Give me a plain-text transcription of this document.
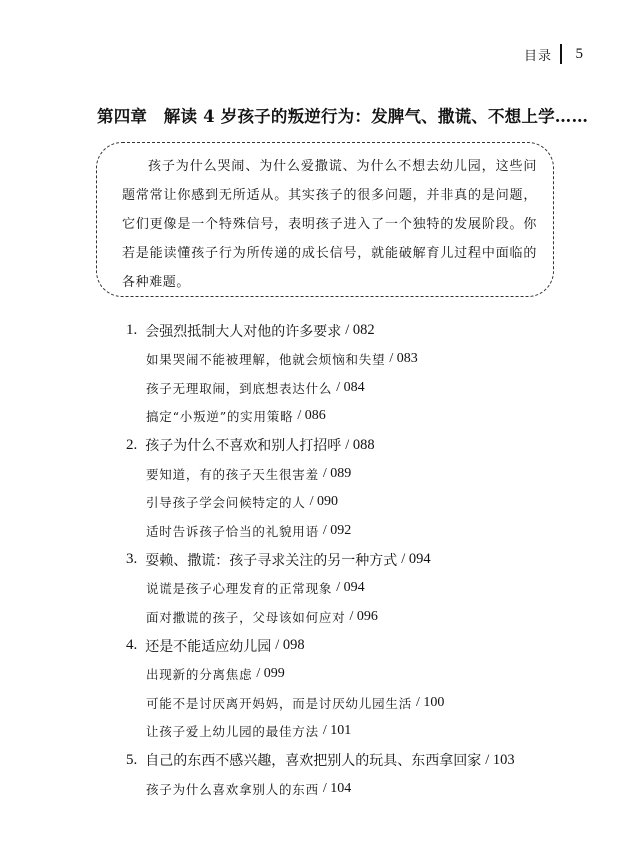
目录 5
第四章　解读 4 岁孩子的叛逆行为：发脾气、撒谎、不想上学……

孩子为什么哭闹、为什么爱撒谎、为什么不想去幼儿园，这些问题常常让你感到无所适从。其实孩子的很多问题，并非真的是问题，它们更像是一个特殊信号，表明孩子进入了一个独特的发展阶段。你若是能读懂孩子行为所传递的成长信号，就能破解育儿过程中面临的各种难题。

1. 会强烈抵制大人对他的许多要求 / 082
如果哭闹不能被理解，他就会烦恼和失望 / 083
孩子无理取闹，到底想表达什么 / 084
搞定“小叛逆”的实用策略 / 086
2. 孩子为什么不喜欢和别人打招呼 / 088
要知道，有的孩子天生很害羞 / 089
引导孩子学会问候特定的人 / 090
适时告诉孩子恰当的礼貌用语 / 092
3. 耍赖、撒谎：孩子寻求关注的另一种方式 / 094
说谎是孩子心理发育的正常现象 / 094
面对撒谎的孩子，父母该如何应对 / 096
4. 还是不能适应幼儿园 / 098
出现新的分离焦虑 / 099
可能不是讨厌离开妈妈，而是讨厌幼儿园生活 / 100
让孩子爱上幼儿园的最佳方法 / 101
5. 自己的东西不感兴趣，喜欢把别人的玩具、东西拿回家 / 103
孩子为什么喜欢拿别人的东西 / 104
